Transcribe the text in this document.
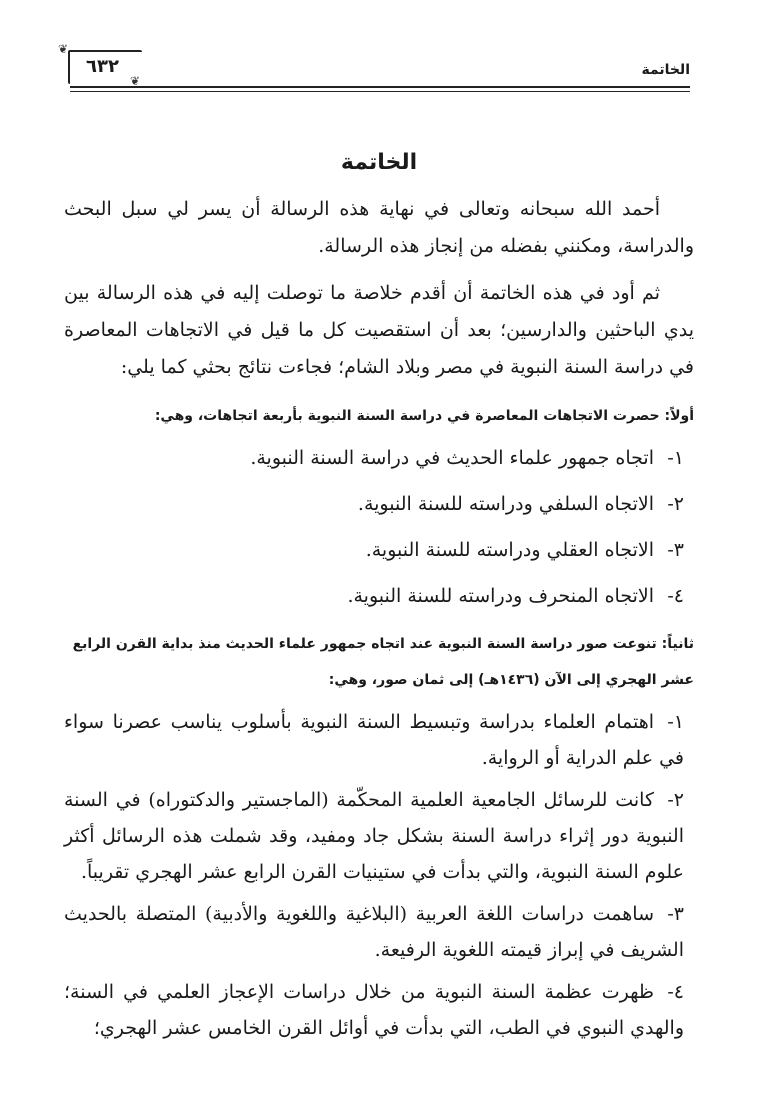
الخاتمة
٦٣٢
❦
❦
الخاتمة

أحمد الله سبحانه وتعالى في نهاية هذه الرسالة أن يسر لي سبل البحث والدراسة، ومكنني بفضله من إنجاز هذه الرسالة.

ثم أود في هذه الخاتمة أن أقدم خلاصة ما توصلت إليه في هذه الرسالة بين يدي الباحثين والدارسين؛ بعد أن استقصيت كل ما قيل في الاتجاهات المعاصرة في دراسة السنة النبوية في مصر وبلاد الشام؛ فجاءت نتائج بحثي كما يلي:

أولاً: حصرت الاتجاهات المعاصرة في دراسة السنة النبوية بأربعة اتجاهات، وهي:
١-اتجاه جمهور علماء الحديث في دراسة السنة النبوية.
٢-الاتجاه السلفي ودراسته للسنة النبوية.
٣-الاتجاه العقلي ودراسته للسنة النبوية.
٤-الاتجاه المنحرف ودراسته للسنة النبوية.
ثانياً: تنوعت صور دراسة السنة النبوية عند اتجاه جمهور علماء الحديث منذ بداية القرن الرابع عشر الهجري إلى الآن (١٤٣٦هـ) إلى ثمان صور، وهي:
١-اهتمام العلماء بدراسة وتبسيط السنة النبوية بأسلوب يناسب عصرنا سواء في علم الدراية أو الرواية.
٢-كانت للرسائل الجامعية العلمية المحكّمة (الماجستير والدكتوراه) في السنة النبوية دور إثراء دراسة السنة بشكل جاد ومفيد، وقد شملت هذه الرسائل أكثر علوم السنة النبوية، والتي بدأت في ستينيات القرن الرابع عشر الهجري تقريباً.
٣-ساهمت دراسات اللغة العربية (البلاغية واللغوية والأدبية) المتصلة بالحديث الشريف في إبراز قيمته اللغوية الرفيعة.
٤-ظهرت عظمة السنة النبوية من خلال دراسات الإعجاز العلمي في السنة؛ والهدي النبوي في الطب، التي بدأت في أوائل القرن الخامس عشر الهجري؛
